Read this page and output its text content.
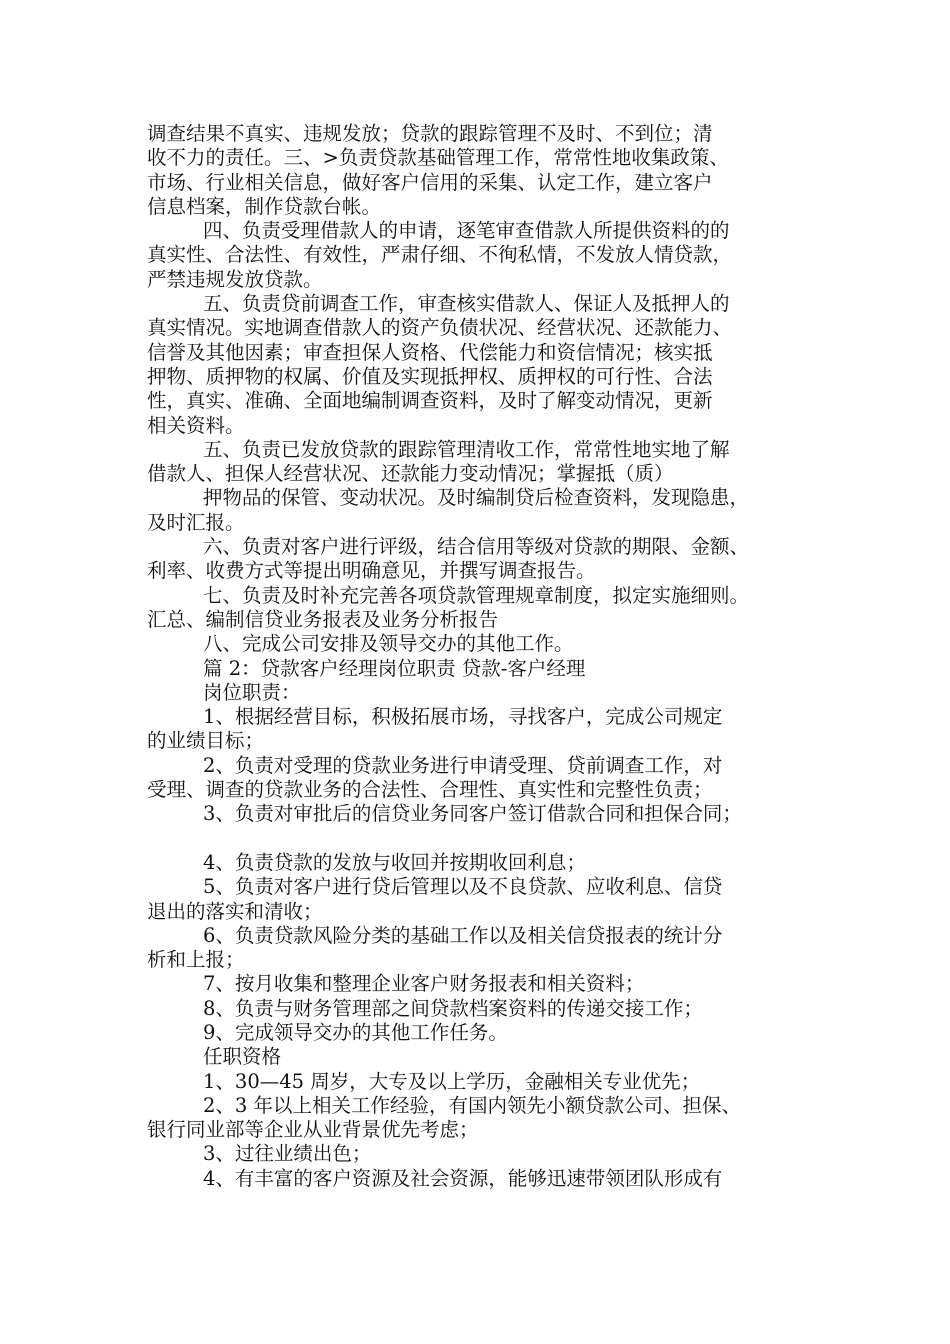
调查结果不真实、违规发放；贷款的跟踪管理不及时、不到位；清
收不力的责任。三、>负责贷款基础管理工作，常常性地收集政策、
市场、行业相关信息，做好客户信用的采集、认定工作，建立客户
信息档案，制作贷款台帐。
四、负责受理借款人的申请，逐笔审查借款人所提供资料的的
真实性、合法性、有效性，严肃仔细、不徇私情，不发放人情贷款，
严禁违规发放贷款。
五、负责贷前调查工作，审查核实借款人、保证人及抵押人的
真实情况。实地调查借款人的资产负债状况、经营状况、还款能力、
信誉及其他因素；审查担保人资格、代偿能力和资信情况；核实抵
押物、质押物的权属、价值及实现抵押权、质押权的可行性、合法
性，真实、准确、全面地编制调查资料，及时了解变动情况，更新
相关资料。
五、负责已发放贷款的跟踪管理清收工作，常常性地实地了解
借款人、担保人经营状况、还款能力变动情况；掌握抵（质）
押物品的保管、变动状况。及时编制贷后检查资料，发现隐患，
及时汇报。
六、负责对客户进行评级，结合信用等级对贷款的期限、金额、
利率、收费方式等提出明确意见，并撰写调查报告。
七、负责及时补充完善各项贷款管理规章制度，拟定实施细则。
汇总、编制信贷业务报表及业务分析报告
八、完成公司安排及领导交办的其他工作。
篇 2：贷款客户经理岗位职责 贷款-客户经理
岗位职责：
1、根据经营目标，积极拓展市场，寻找客户，完成公司规定
的业绩目标；
2、负责对受理的贷款业务进行申请受理、贷前调查工作，对
受理、调查的贷款业务的合法性、合理性、真实性和完整性负责；
3、负责对审批后的信贷业务同客户签订借款合同和担保合同；
4、负责贷款的发放与收回并按期收回利息；
5、负责对客户进行贷后管理以及不良贷款、应收利息、信贷
退出的落实和清收；
6、负责贷款风险分类的基础工作以及相关信贷报表的统计分
析和上报；
7、按月收集和整理企业客户财务报表和相关资料；
8、负责与财务管理部之间贷款档案资料的传递交接工作；
9、完成领导交办的其他工作任务。
任职资格
1、30—45 周岁，大专及以上学历，金融相关专业优先；
2、3 年以上相关工作经验，有国内领先小额贷款公司、担保、
银行同业部等企业从业背景优先考虑；
3、过往业绩出色；
4、有丰富的客户资源及社会资源，能够迅速带领团队形成有
